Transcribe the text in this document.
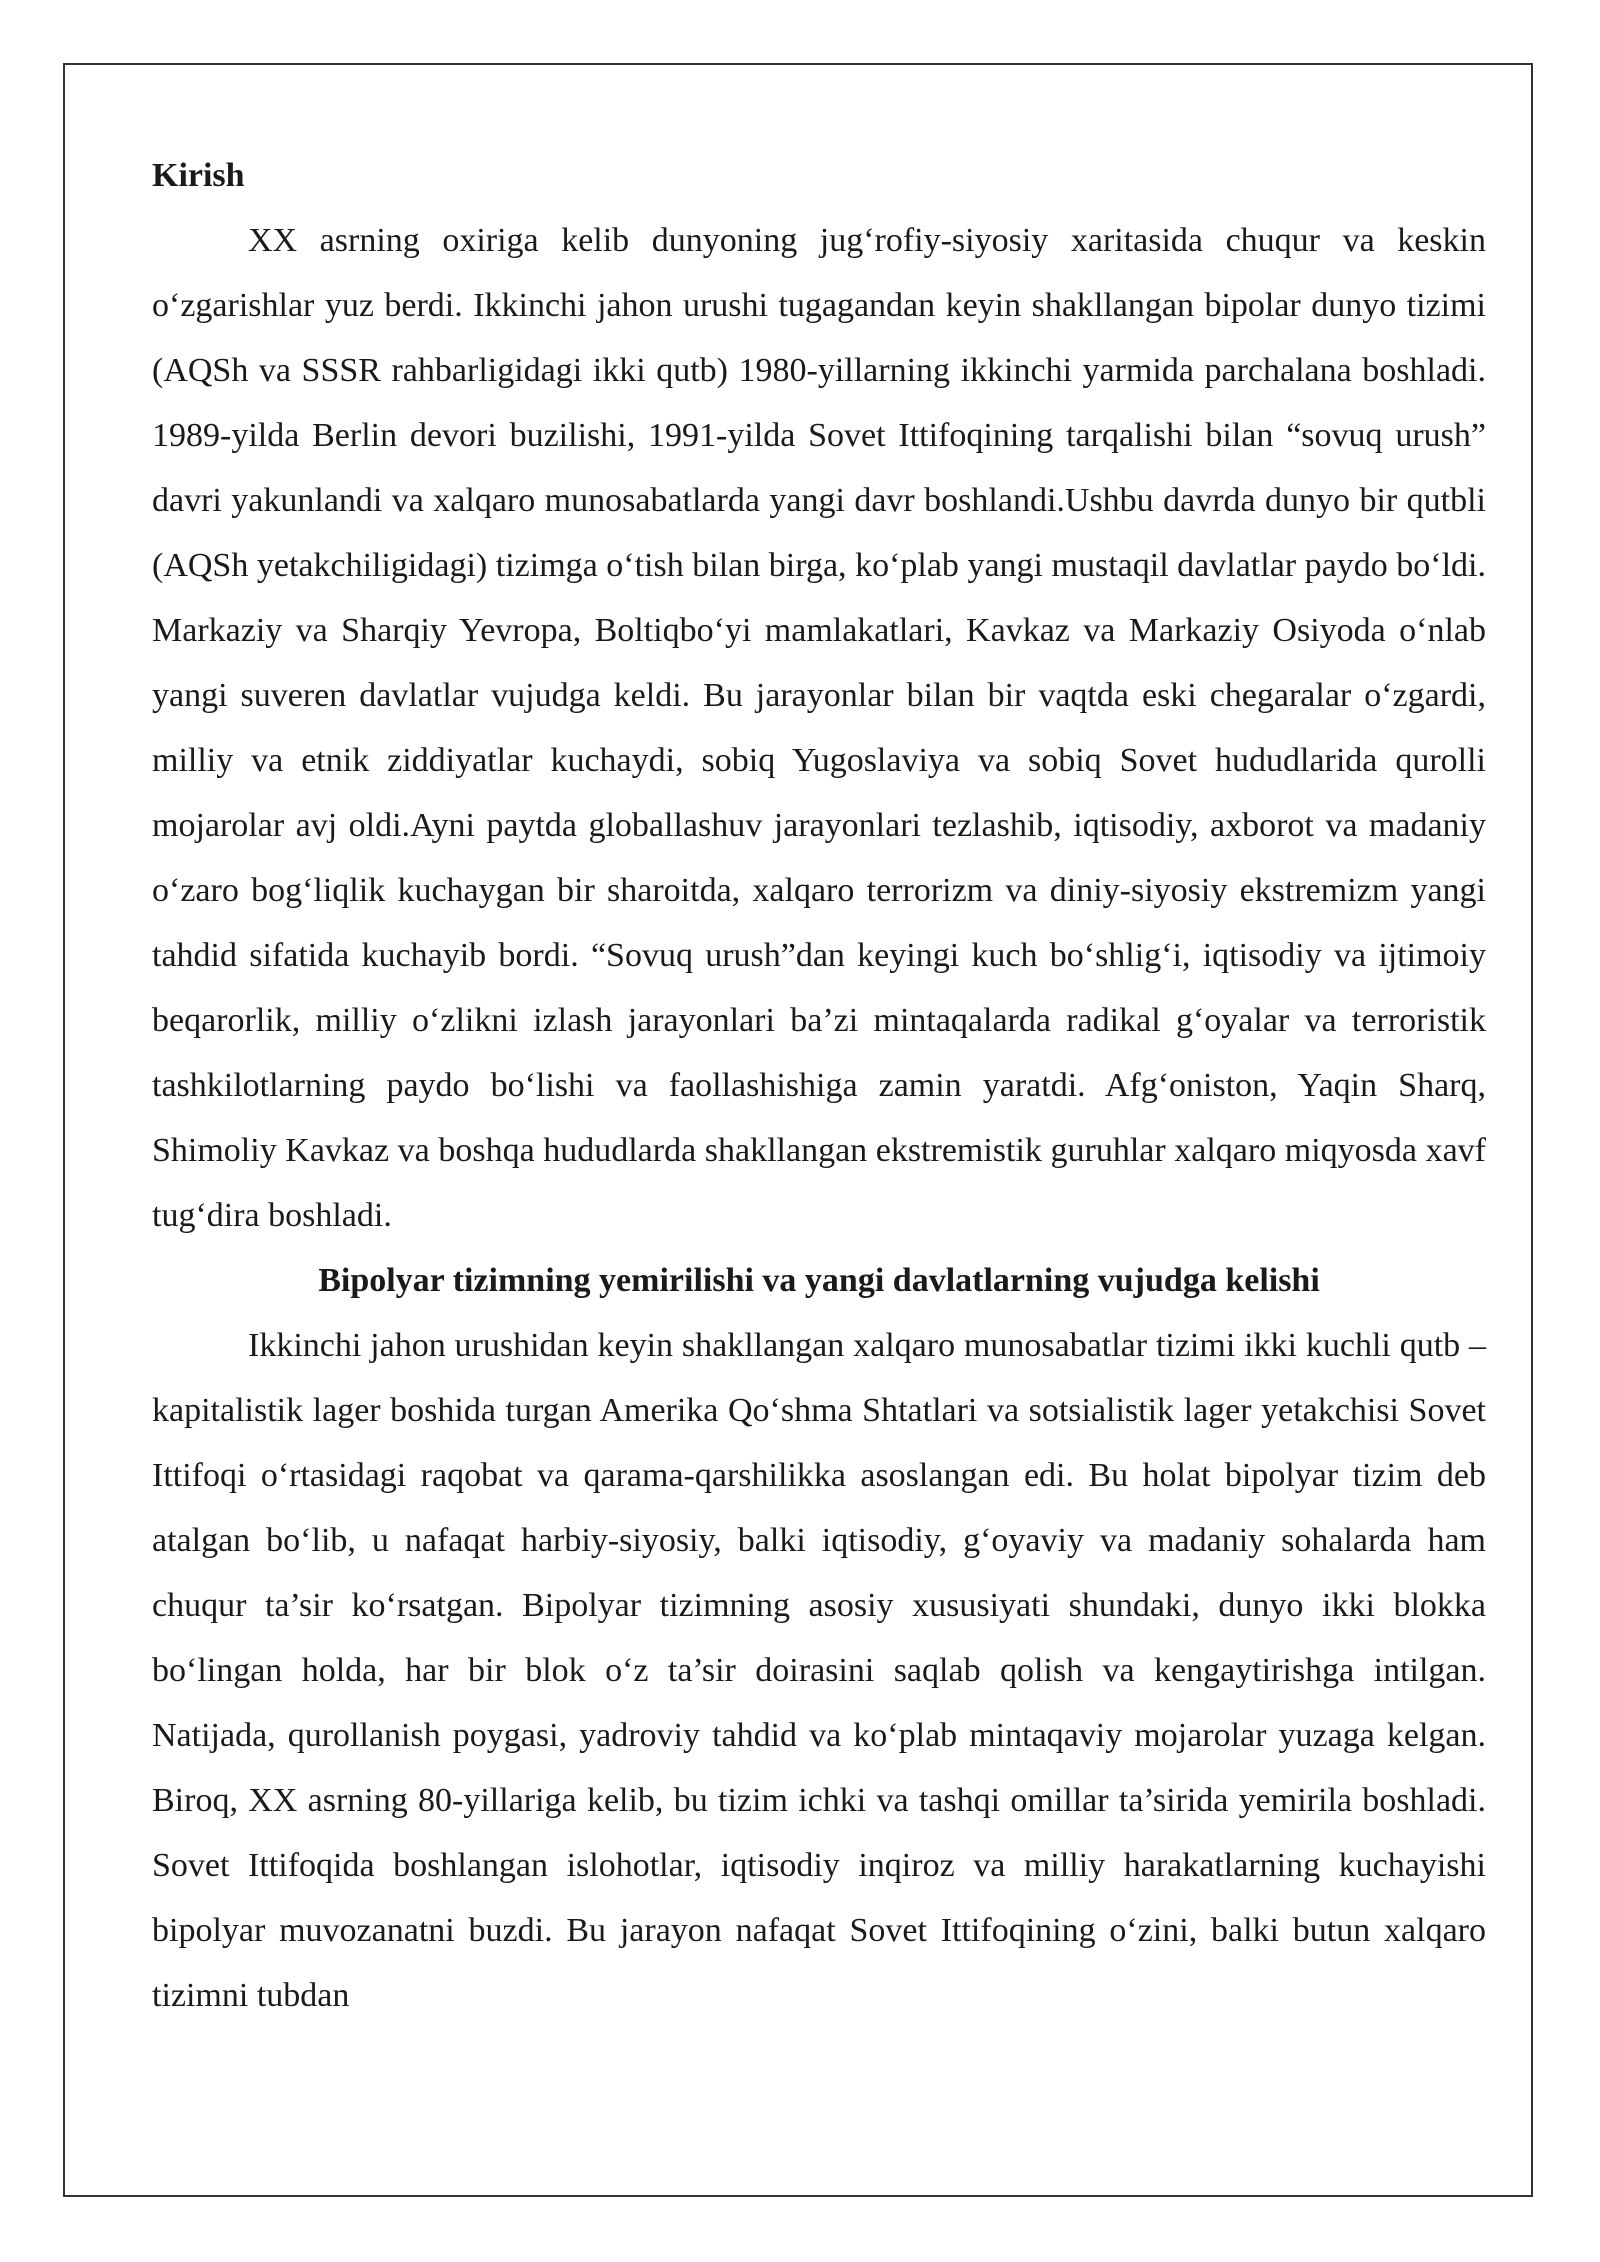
Kirish

XX asrning oxiriga kelib dunyoning jug‘rofiy-siyosiy xaritasida chuqur va keskin o‘zgarishlar yuz berdi. Ikkinchi jahon urushi tugagandan keyin shakllangan bipolar dunyo tizimi (AQSh va SSSR rahbarligidagi ikki qutb) 1980-yillarning ikkinchi yarmida parchalana boshladi. 1989-yilda Berlin devori buzilishi, 1991-yilda Sovet Ittifoqining tarqalishi bilan “sovuq urush” davri yakunlandi va xalqaro munosabatlarda yangi davr boshlandi.Ushbu davrda dunyo bir qutbli (AQSh yetakchiligidagi) tizimga o‘tish bilan birga, ko‘plab yangi mustaqil davlatlar paydo bo‘ldi. Markaziy va Sharqiy Yevropa, Boltiqbo‘yi mamlakatlari, Kavkaz va Markaziy Osiyoda o‘nlab yangi suveren davlatlar vujudga keldi. Bu jarayonlar bilan bir vaqtda eski chegaralar o‘zgardi, milliy va etnik ziddiyatlar kuchaydi, sobiq Yugoslaviya va sobiq Sovet hududlarida qurolli mojarolar avj oldi.Ayni paytda globallashuv jarayonlari tezlashib, iqtisodiy, axborot va madaniy o‘zaro bog‘liqlik kuchaygan bir sharoitda, xalqaro terrorizm va diniy-siyosiy ekstremizm yangi tahdid sifatida kuchayib bordi. “Sovuq urush”dan keyingi kuch bo‘shlig‘i, iqtisodiy va ijtimoiy beqarorlik, milliy o‘zlikni izlash jarayonlari ba’zi mintaqalarda radikal g‘oyalar va terroristik tashkilotlarning paydo bo‘lishi va faollashishiga zamin yaratdi. Afg‘oniston, Yaqin Sharq, Shimoliy Kavkaz va boshqa hududlarda shakllangan ekstremistik guruhlar xalqaro miqyosda xavf tug‘dira boshladi.

Bipolyar tizimning yemirilishi va yangi davlatlarning vujudga kelishi

Ikkinchi jahon urushidan keyin shakllangan xalqaro munosabatlar tizimi ikki kuchli qutb – kapitalistik lager boshida turgan Amerika Qo‘shma Shtatlari va sotsialistik lager yetakchisi Sovet Ittifoqi o‘rtasidagi raqobat va qarama-qarshilikka asoslangan edi. Bu holat bipolyar tizim deb atalgan bo‘lib, u nafaqat harbiy-siyosiy, balki iqtisodiy, g‘oyaviy va madaniy sohalarda ham chuqur ta’sir ko‘rsatgan. Bipolyar tizimning asosiy xususiyati shundaki, dunyo ikki blokka bo‘lingan holda, har bir blok o‘z ta’sir doirasini saqlab qolish va kengaytirishga intilgan. Natijada, qurollanish poygasi, yadroviy tahdid va ko‘plab mintaqaviy mojarolar yuzaga kelgan. Biroq, XX asrning 80-yillariga kelib, bu tizim ichki va tashqi omillar ta’sirida yemirila boshladi. Sovet Ittifoqida boshlangan islohotlar, iqtisodiy inqiroz va milliy harakatlarning kuchayishi bipolyar muvozanatni buzdi. Bu jarayon nafaqat Sovet Ittifoqining o‘zini, balki butun xalqaro tizimni tubdan
